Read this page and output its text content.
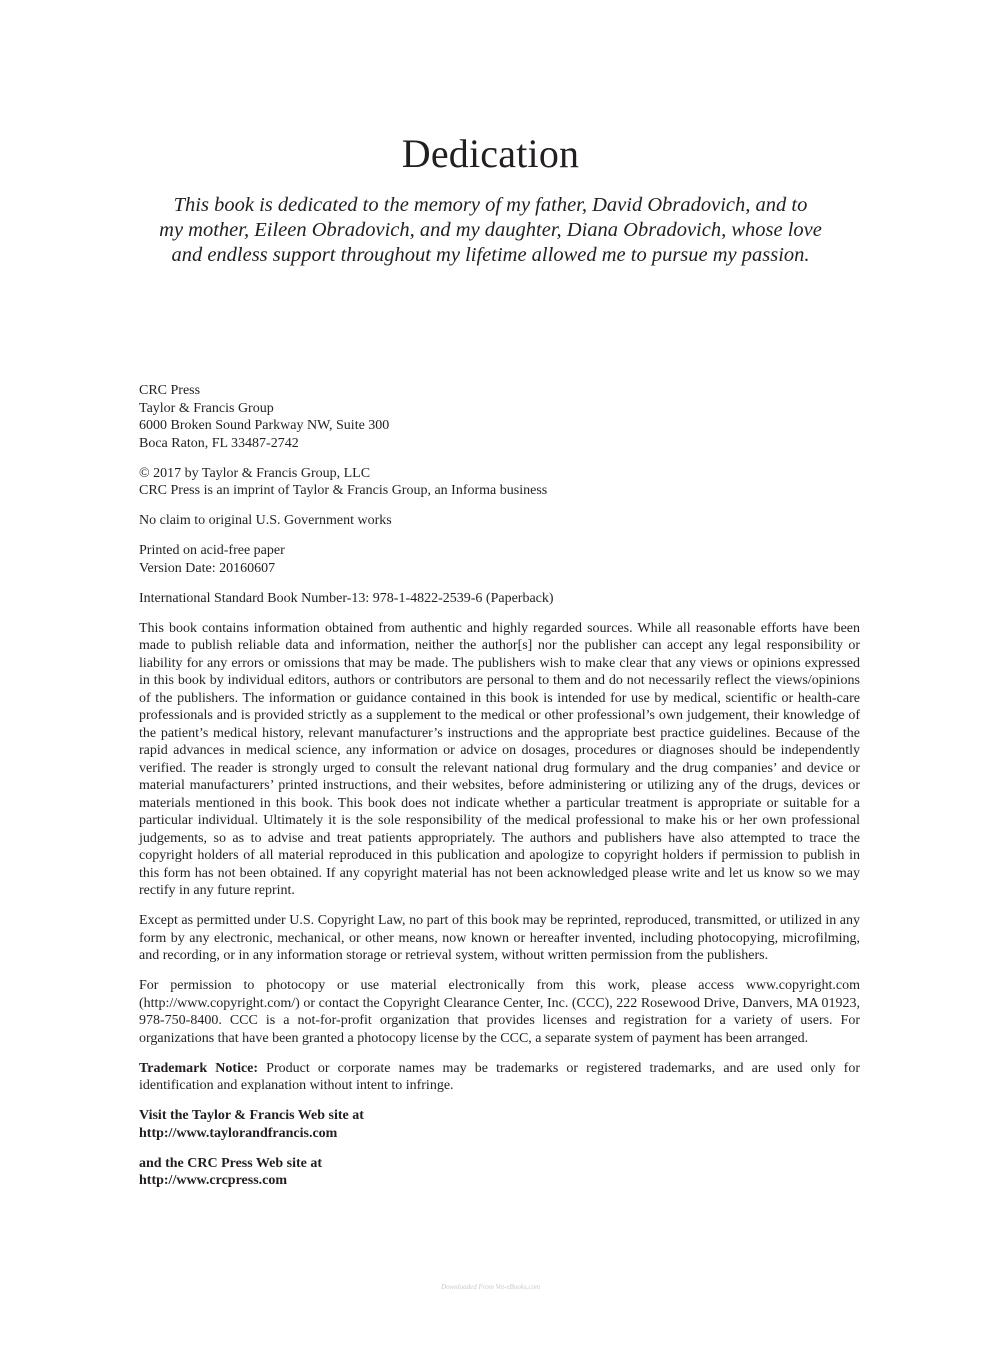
Dedication

This book is dedicated to the memory of my father, David Obradovich, and to
my mother, Eileen Obradovich, and my daughter, Diana Obradovich, whose love
and endless support throughout my lifetime allowed me to pursue my passion.

CRC Press
Taylor & Francis Group
6000 Broken Sound Parkway NW, Suite 300
Boca Raton, FL 33487-2742

© 2017 by Taylor & Francis Group, LLC
CRC Press is an imprint of Taylor & Francis Group, an Informa business

No claim to original U.S. Government works

Printed on acid-free paper
Version Date: 20160607

International Standard Book Number-13: 978-1-4822-2539-6 (Paperback)

This book contains information obtained from authentic and highly regarded sources. While all reasonable efforts have been made to publish reliable data and information, neither the author[s] nor the publisher can accept any legal responsibility or liability for any errors or omissions that may be made. The publishers wish to make clear that any views or opinions expressed in this book by individual editors, authors or contributors are personal to them and do not necessarily reflect the views/opinions of the publishers. The information or guidance contained in this book is intended for use by medical, scientific or health-care professionals and is provided strictly as a supplement to the medical or other professional’s own judgement, their knowledge of the patient’s medical history, relevant manufacturer’s instructions and the appropriate best practice guidelines. Because of the rapid advances in medical science, any information or advice on dosages, procedures or diagnoses should be independently verified. The reader is strongly urged to consult the relevant national drug formulary and the drug companies’ and device or material manufacturers’ printed instructions, and their websites, before administering or utilizing any of the drugs, devices or materials mentioned in this book. This book does not indicate whether a particular treatment is appropriate or suitable for a particular individual. Ultimately it is the sole responsibility of the medical professional to make his or her own professional judgements, so as to advise and treat patients appropriately. The authors and publishers have also attempted to trace the copyright holders of all material reproduced in this publication and apologize to copyright holders if permission to publish in this form has not been obtained. If any copyright material has not been acknowledged please write and let us know so we may rectify in any future reprint.

Except as permitted under U.S. Copyright Law, no part of this book may be reprinted, reproduced, transmitted, or utilized in any form by any electronic, mechanical, or other means, now known or hereafter invented, including photocopying, microfilming, and recording, or in any information storage or retrieval system, without written permission from the publishers.

For permission to photocopy or use material electronically from this work, please access www.copyright.com (http://www.copyright.com/) or contact the Copyright Clearance Center, Inc. (CCC), 222 Rosewood Drive, Danvers, MA 01923, 978-750-8400. CCC is a not-for-profit organization that provides licenses and registration for a variety of users. For organizations that have been granted a photocopy license by the CCC, a separate system of payment has been arranged.

Trademark Notice: Product or corporate names may be trademarks or registered trademarks, and are used only for identification and explanation without intent to infringe.

Visit the Taylor & Francis Web site at
http://www.taylorandfrancis.com

and the CRC Press Web site at
http://www.crcpress.com

Downloaded From Vet-eBooks.com
